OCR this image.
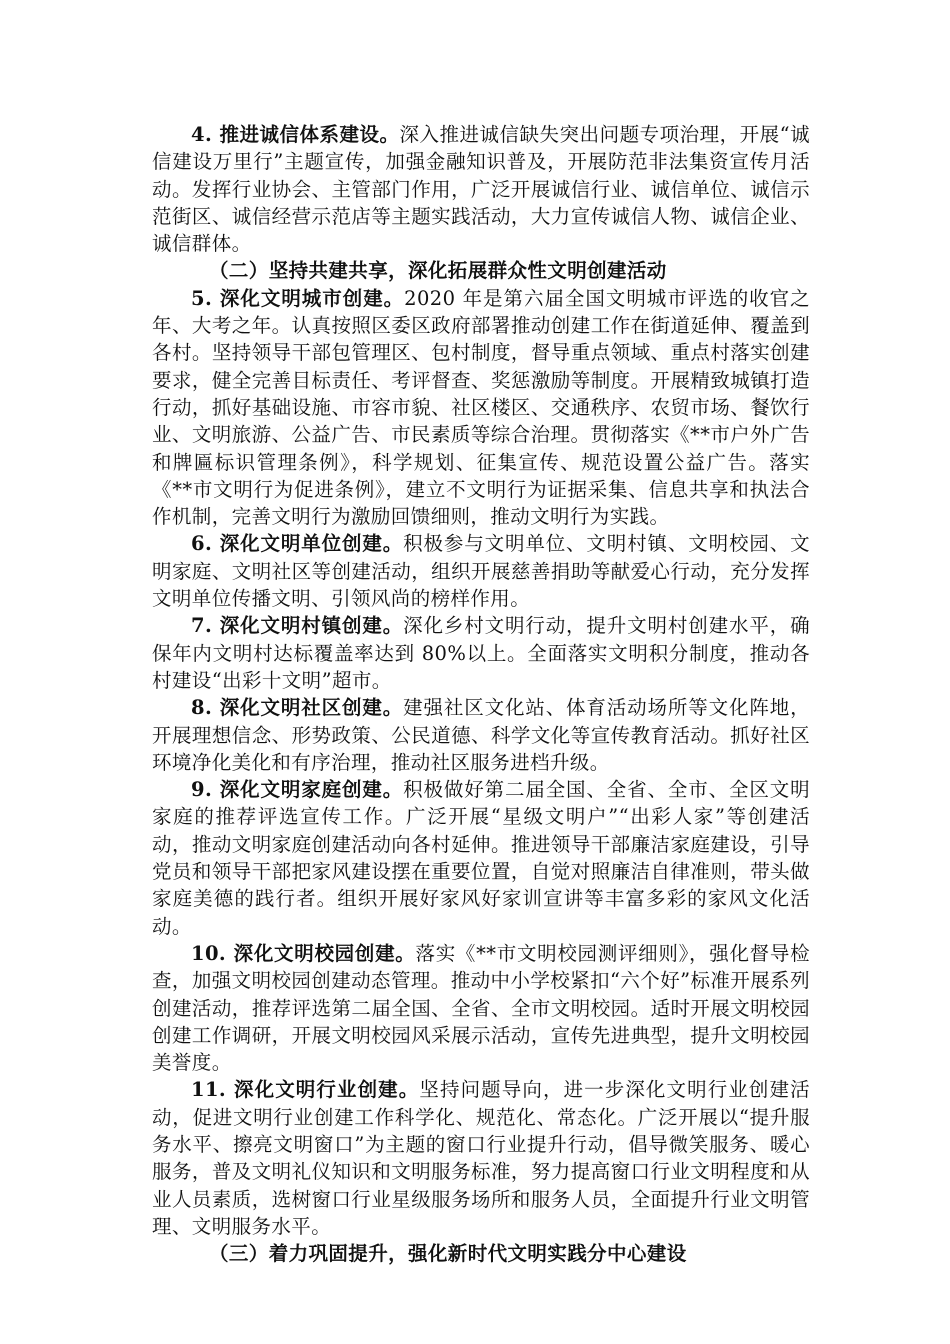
4. 推进诚信体系建设。深入推进诚信缺失突出问题专项治理，开展“诚信建设万里行”主题宣传，加强金融知识普及，开展防范非法集资宣传月活动。发挥行业协会、主管部门作用，广泛开展诚信行业、诚信单位、诚信示范街区、诚信经营示范店等主题实践活动，大力宣传诚信人物、诚信企业、诚信群体。

（二）坚持共建共享，深化拓展群众性文明创建活动

5. 深化文明城市创建。2020 年是第六届全国文明城市评选的收官之年、大考之年。认真按照区委区政府部署推动创建工作在街道延伸、覆盖到各村。坚持领导干部包管理区、包村制度，督导重点领域、重点村落实创建要求，健全完善目标责任、考评督查、奖惩激励等制度。开展精致城镇打造行动，抓好基础设施、市容市貌、社区楼区、交通秩序、农贸市场、餐饮行业、文明旅游、公益广告、市民素质等综合治理。贯彻落实《**市户外广告和牌匾标识管理条例》，科学规划、征集宣传、规范设置公益广告。落实《**市文明行为促进条例》，建立不文明行为证据采集、信息共享和执法合作机制，完善文明行为激励回馈细则，推动文明行为实践。

6. 深化文明单位创建。积极参与文明单位、文明村镇、文明校园、文明家庭、文明社区等创建活动，组织开展慈善捐助等献爱心行动，充分发挥文明单位传播文明、引领风尚的榜样作用。

7. 深化文明村镇创建。深化乡村文明行动，提升文明村创建水平，确保年内文明村达标覆盖率达到 80%以上。全面落实文明积分制度，推动各村建设“出彩十文明”超市。

8. 深化文明社区创建。建强社区文化站、体育活动场所等文化阵地，开展理想信念、形势政策、公民道德、科学文化等宣传教育活动。抓好社区环境净化美化和有序治理，推动社区服务进档升级。

9. 深化文明家庭创建。积极做好第二届全国、全省、全市、全区文明家庭的推荐评选宣传工作。广泛开展“星级文明户”“出彩人家”等创建活动，推动文明家庭创建活动向各村延伸。推进领导干部廉洁家庭建设，引导党员和领导干部把家风建设摆在重要位置，自觉对照廉洁自律准则，带头做家庭美德的践行者。组织开展好家风好家训宣讲等丰富多彩的家风文化活动。

10. 深化文明校园创建。落实《**市文明校园测评细则》，强化督导检查，加强文明校园创建动态管理。推动中小学校紧扣“六个好”标准开展系列创建活动，推荐评选第二届全国、全省、全市文明校园。适时开展文明校园创建工作调研，开展文明校园风采展示活动，宣传先进典型，提升文明校园美誉度。

11. 深化文明行业创建。坚持问题导向，进一步深化文明行业创建活动，促进文明行业创建工作科学化、规范化、常态化。广泛开展以“提升服务水平、擦亮文明窗口”为主题的窗口行业提升行动，倡导微笑服务、暖心服务，普及文明礼仪知识和文明服务标准，努力提高窗口行业文明程度和从业人员素质，选树窗口行业星级服务场所和服务人员，全面提升行业文明管理、文明服务水平。

（三）着力巩固提升，强化新时代文明实践分中心建设
